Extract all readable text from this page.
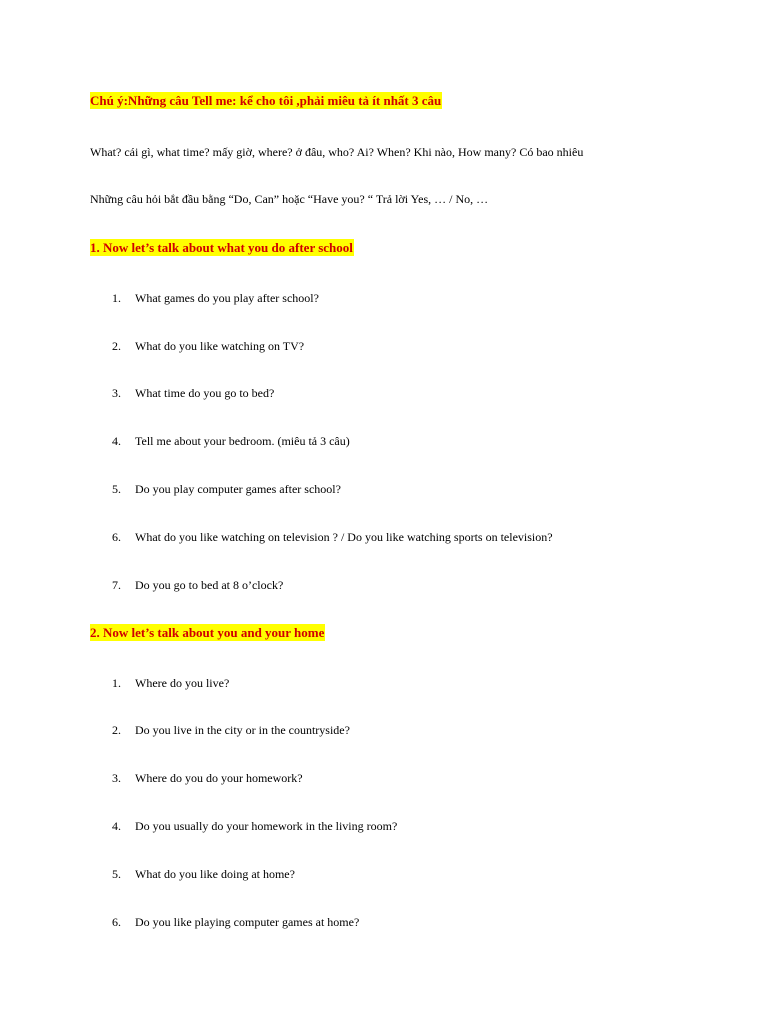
Chú ý:Những câu Tell me: kể cho tôi ,phải miêu tả ít nhất 3 câu
What? cái gì, what time? mấy giờ, where? ở đâu, who? Ai? When? Khi nào, How many? Có bao nhiêu
Những câu hỏi bắt đầu bằng “Do, Can” hoặc “Have you? “ Trả lời Yes, … / No, …
1. Now let’s talk about what you do after school
1.	What games do you play after school?
2.	What do you like watching on TV?
3.	What time do you go to bed?
4.	Tell me about your bedroom. (miêu tả 3 câu)
5.	Do you play computer games after school?
6.	What do you like watching on television ? / Do you like watching sports on television?
7.	Do you go to bed at 8 o’clock?
2. Now let’s talk about you and your home
1.	Where do you live?
2.	Do you live in the city or in the countryside?
3.	Where do you do your homework?
4.	Do you usually do your homework in the living room?
5.	What do you like doing at home?
6.	Do you like playing computer games at home?
